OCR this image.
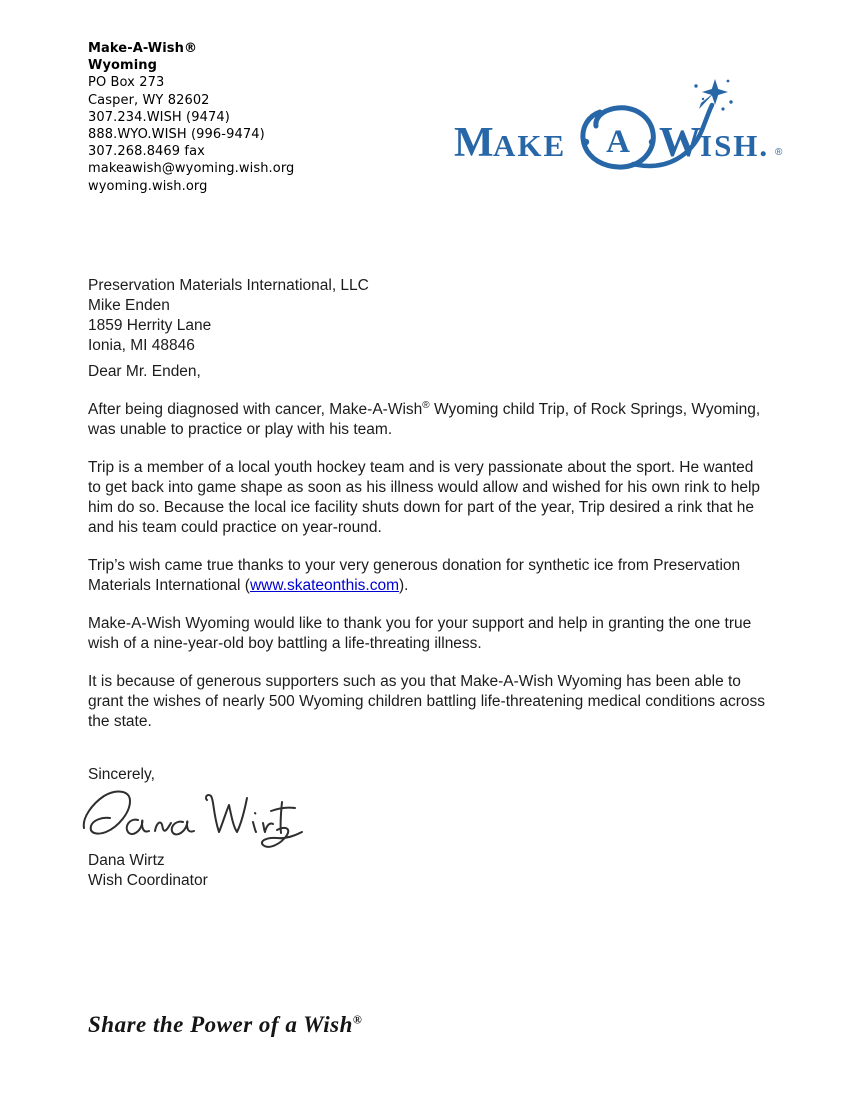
Make-A-Wish®
Wyoming
PO Box 273
Casper, WY 82602
307.234.WISH (9474)
888.WYO.WISH (996-9474)
307.268.8469 fax
makeawish@wyoming.wish.org
wyoming.wish.org
M
AKE A W ISH. ®
Preservation Materials International, LLC
Mike Enden
1859 Herrity Lane
Ionia, MI 48846

Dear Mr. Enden,

After being diagnosed with cancer, Make-A-Wish® Wyoming child Trip, of Rock Springs, Wyoming, was unable to practice or play with his team.

Trip is a member of a local youth hockey team and is very passionate about the sport. He wanted to get back into game shape as soon as his illness would allow and wished for his own rink to help him do so. Because the local ice facility shuts down for part of the year, Trip desired a rink that he and his team could practice on year-round.

Trip’s wish came true thanks to your very generous donation for synthetic ice from Preservation Materials International (www.skateonthis.com).

Make-A-Wish Wyoming would like to thank you for your support and help in granting the one true wish of a nine-year-old boy battling a life-threating illness.

It is because of generous supporters such as you that Make-A-Wish Wyoming has been able to grant the wishes of nearly 500 Wyoming children battling life-threatening medical conditions across the state.

Sincerely,
Dana Wirtz
Wish Coordinator
Share the Power of a Wish®
